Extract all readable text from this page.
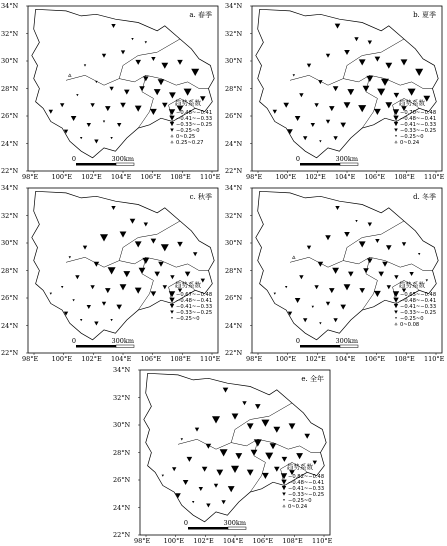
a. 春季
趋势系数
−0.48~−0.41
−0.41~−0.33
−0.33~−0.25
−0.25~0
0~0.25
0.25~0.27
0	300km
34°N
32°N
30°N
28°N
26°N
24°N
22°N
98°E 100°E 102°E 104°E 106°E 108°E 110°E
b. 夏季
趋势系数
−0.70~−0.48
−0.48~−0.41
−0.41~−0.33
−0.33~−0.25
−0.25~0
0~0.24
0	300km
34°N
32°N
30°N
28°N
26°N
24°N
22°N
98°E 100°E 102°E 104°E 106°E 108°E 110°E
c. 秋季
趋势系数
−0.67~−0.48
−0.48~−0.41
−0.41~−0.33
−0.33~−0.25
−0.25~0
0	300km
34°N
32°N
30°N
28°N
26°N
24°N
22°N
98°E 100°E 102°E 104°E 106°E 108°E 110°E
d. 冬季
趋势系数
−0.65~−0.48
−0.48~−0.41
−0.41~−0.33
−0.33~−0.25
−0.25~0
0~0.08
0	300km
34°N
32°N
30°N
28°N
26°N
24°N
22°N
98°E 100°E 102°E 104°E 106°E 108°E 110°E
e. 全年
趋势系数
−0.82~−0.48
−0.48~−0.41
−0.41~−0.33
−0.33~−0.25
−0.25~0
0~0.24
0	300km
34°N
32°N
30°N
28°N
26°N
24°N
22°N
98°E 100°E 102°E 104°E 106°E 108°E 110°E
